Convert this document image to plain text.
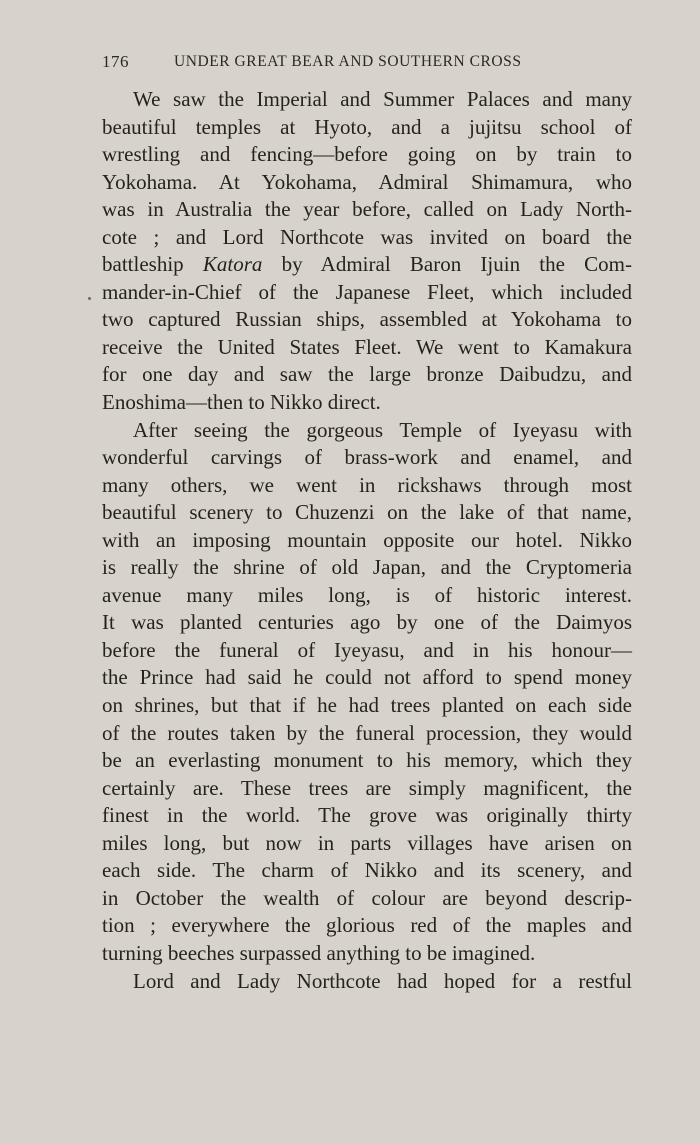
176	UNDER GREAT BEAR AND SOUTHERN CROSS
We saw the Imperial and Summer Palaces and many
beautiful temples at Hyoto, and a jujitsu school of
wrestling and fencing—before going on by train to
Yokohama. At Yokohama, Admiral Shimamura, who
was in Australia the year before, called on Lady North-
cote ; and Lord Northcote was invited on board the
battleship Katora by Admiral Baron Ijuin the Com-
mander-in-Chief of the Japanese Fleet, which included
two captured Russian ships, assembled at Yokohama to
receive the United States Fleet. We went to Kamakura
for one day and saw the large bronze Daibudzu, and
Enoshima—then to Nikko direct.
After seeing the gorgeous Temple of Iyeyasu with
wonderful carvings of brass-work and enamel, and
many others, we went in rickshaws through most
beautiful scenery to Chuzenzi on the lake of that name,
with an imposing mountain opposite our hotel. Nikko
is really the shrine of old Japan, and the Cryptomeria
avenue many miles long, is of historic interest.
It was planted centuries ago by one of the Daimyos
before the funeral of Iyeyasu, and in his honour—
the Prince had said he could not afford to spend money
on shrines, but that if he had trees planted on each side
of the routes taken by the funeral procession, they would
be an everlasting monument to his memory, which they
certainly are. These trees are simply magnificent, the
finest in the world. The grove was originally thirty
miles long, but now in parts villages have arisen on
each side. The charm of Nikko and its scenery, and
in October the wealth of colour are beyond descrip-
tion ; everywhere the glorious red of the maples and
turning beeches surpassed anything to be imagined.
Lord and Lady Northcote had hoped for a restful
